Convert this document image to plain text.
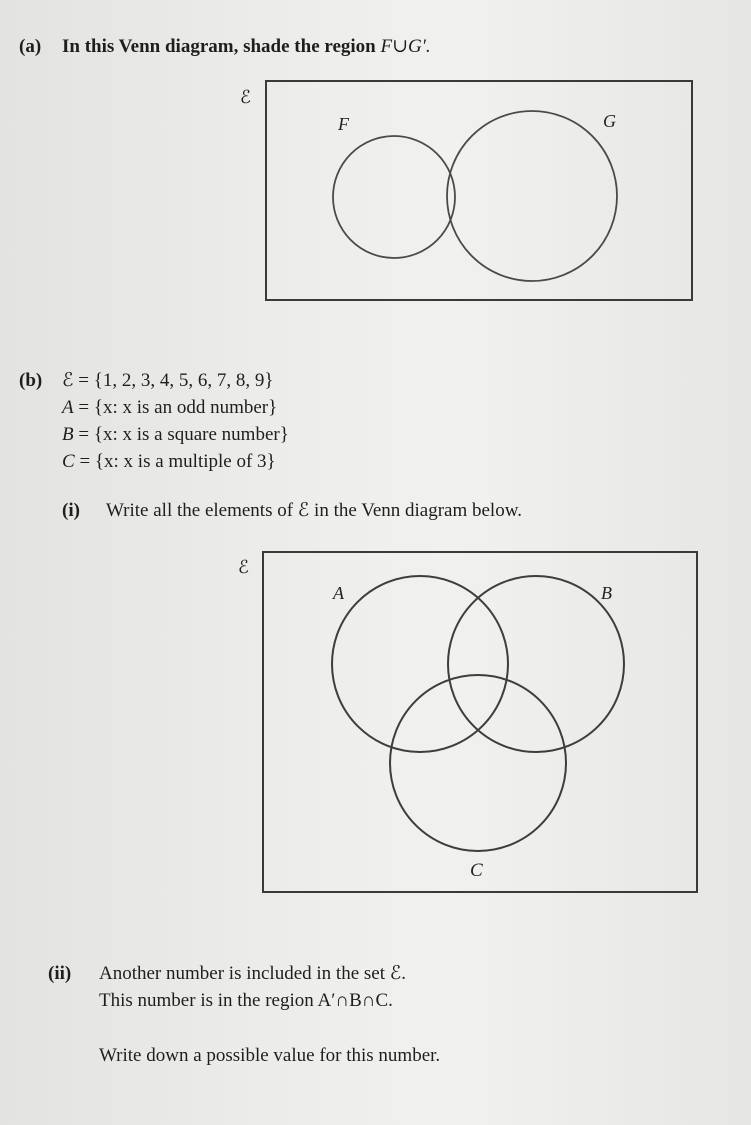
(a) In this Venn diagram, shade the region F∪G′.
ℰ
F	G
(b) ℰ = {1, 2, 3, 4, 5, 6, 7, 8, 9}
A = {x: x is an odd number}
B = {x: x is a square number}
C = {x: x is a multiple of 3}
(i) Write all the elements of ℰ in the Venn diagram below.
ℰ
A	B
C
(ii) Another number is included in the set ℰ.
This number is in the region A′∩B∩C.
Write down a possible value for this number.
